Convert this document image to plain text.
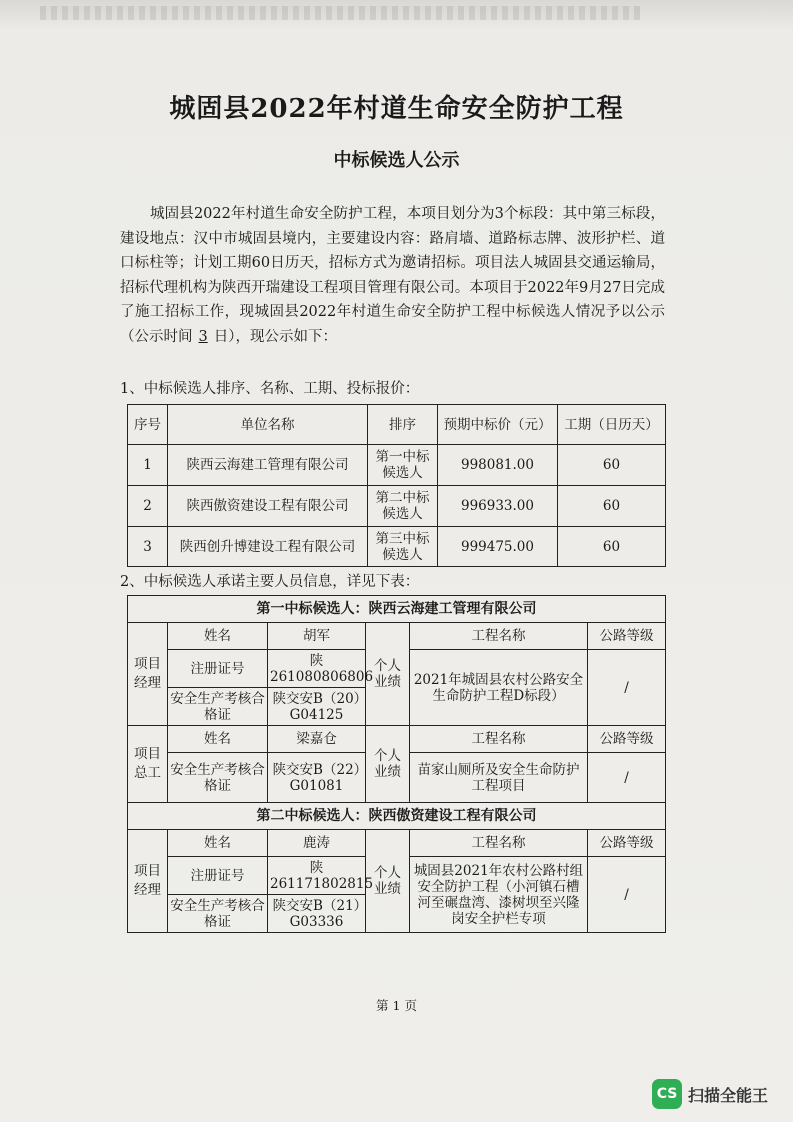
城固县2022年村道生命安全防护工程
中标候选人公示

城固县2022年村道生命安全防护工程，本项目划分为3个标段：其中第三标段，建设地点：汉中市城固县境内，主要建设内容：路肩墙、道路标志牌、波形护栏、道口标柱等；计划工期60日历天，招标方式为邀请招标。项目法人城固县交通运输局，招标代理机构为陕西开瑞建设工程项目管理有限公司。本项目于2022年9月27日完成了施工招标工作，现城固县2022年村道生命安全防护工程中标候选人情况予以公示（公示时间 3 日），现公示如下：

1、中标候选人排序、名称、工期、投标报价：
序号	单位名称	排序	预期中标价（元）	工期（日历天）
1	陕西云海建工管理有限公司	第一中标候选人	998081.00	60
2	陕西傲资建设工程有限公司	第二中标候选人	996933.00	60
3	陕西创升博建设工程有限公司	第三中标候选人	999475.00	60
2、中标候选人承诺主要人员信息，详见下表：
第一中标候选人：陕西云海建工管理有限公司					
项目经理	姓名	胡军	个人业绩	工程名称	公路等级
	注册证号	陕261080806806		2021年城固县农村公路安全生命防护工程D标段）	/
	安全生产考核合格证	陕交安B（20）G04125			
项目总工	姓名	梁嘉仓	个人业绩	工程名称	公路等级
	安全生产考核合格证	陕交安B（22）G01081		苗家山厕所及安全生命防护工程项目	/
第二中标候选人：陕西傲资建设工程有限公司					
项目经理	姓名	鹿涛	个人业绩	工程名称	公路等级
	注册证号	陕261171802815		城固县2021年农村公路村组安全防护工程（小河镇石槽河至碾盘湾、漆树坝至兴隆岗安全护栏专项	/
	安全生产考核合格证	陕交安B（21）G03336			
第 1 页
CS 扫描全能王
